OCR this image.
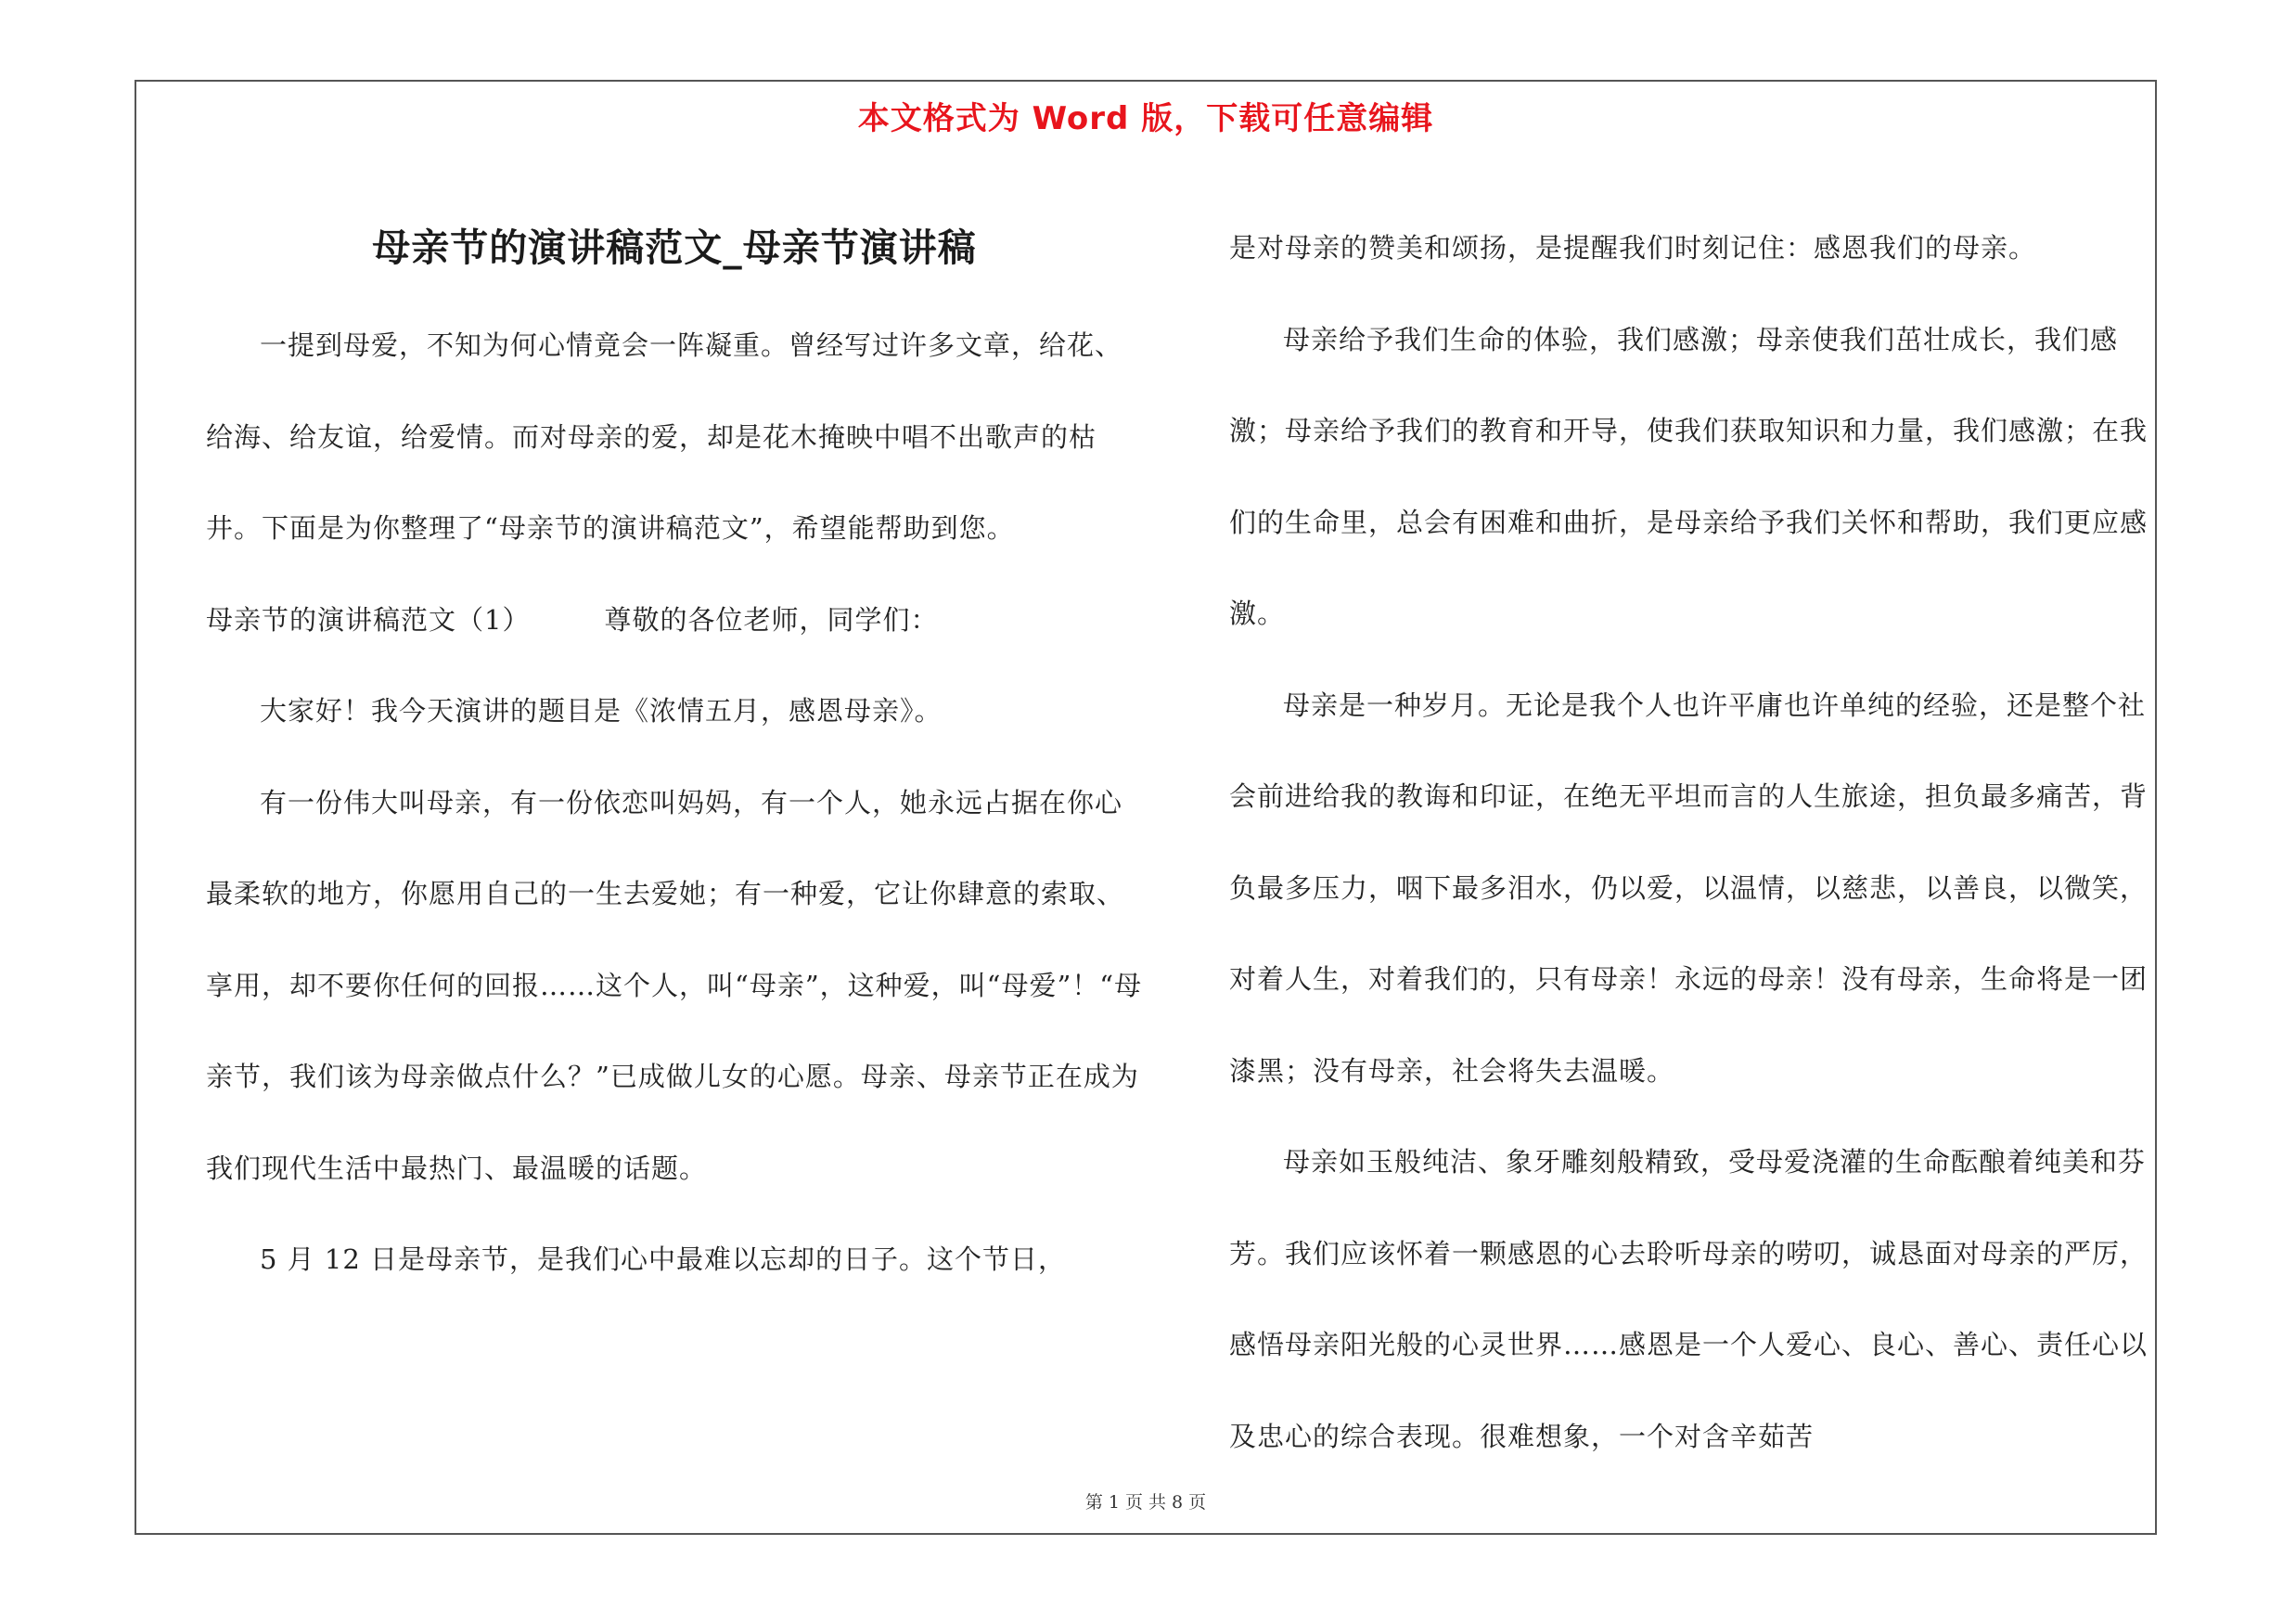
本文格式为 Word 版，下载可任意编辑
母亲节的演讲稿范文_母亲节演讲稿

一提到母爱，不知为何心情竟会一阵凝重。曾经写过许多文章，给花、给海、给友谊，给爱情。而对母亲的爱，却是花木掩映中唱不出歌声的枯井。下面是为你整理了“母亲节的演讲稿范文”，希望能帮助到您。

母亲节的演讲稿范文（1）	尊敬的各位老师，同学们：

大家好！我今天演讲的题目是《浓情五月，感恩母亲》。

有一份伟大叫母亲，有一份依恋叫妈妈，有一个人，她永远占据在你心最柔软的地方，你愿用自己的一生去爱她；有一种爱，它让你肆意的索取、享用，却不要你任何的回报……这个人，叫“母亲”，这种爱，叫“母爱”！“母亲节，我们该为母亲做点什么？”已成做儿女的心愿。母亲、母亲节正在成为我们现代生活中最热门、最温暖的话题。

5 月 12 日是母亲节，是我们心中最难以忘却的日子。这个节日，

是对母亲的赞美和颂扬，是提醒我们时刻记住：感恩我们的母亲。

母亲给予我们生命的体验，我们感激；母亲使我们茁壮成长，我们感激；母亲给予我们的教育和开导，使我们获取知识和力量，我们感激；在我们的生命里，总会有困难和曲折，是母亲给予我们关怀和帮助，我们更应感激。

母亲是一种岁月。无论是我个人也许平庸也许单纯的经验，还是整个社会前进给我的教诲和印证，在绝无平坦而言的人生旅途，担负最多痛苦，背负最多压力，咽下最多泪水，仍以爱，以温情，以慈悲，以善良，以微笑，对着人生，对着我们的，只有母亲！永远的母亲！没有母亲，生命将是一团漆黑；没有母亲，社会将失去温暖。

母亲如玉般纯洁、象牙雕刻般精致，受母爱浇灌的生命酝酿着纯美和芬芳。我们应该怀着一颗感恩的心去聆听母亲的唠叨，诚恳面对母亲的严厉，感悟母亲阳光般的心灵世界……感恩是一个人爱心、良心、善心、责任心以及忠心的综合表现。很难想象，一个对含辛茹苦

第 1 页 共 8 页
